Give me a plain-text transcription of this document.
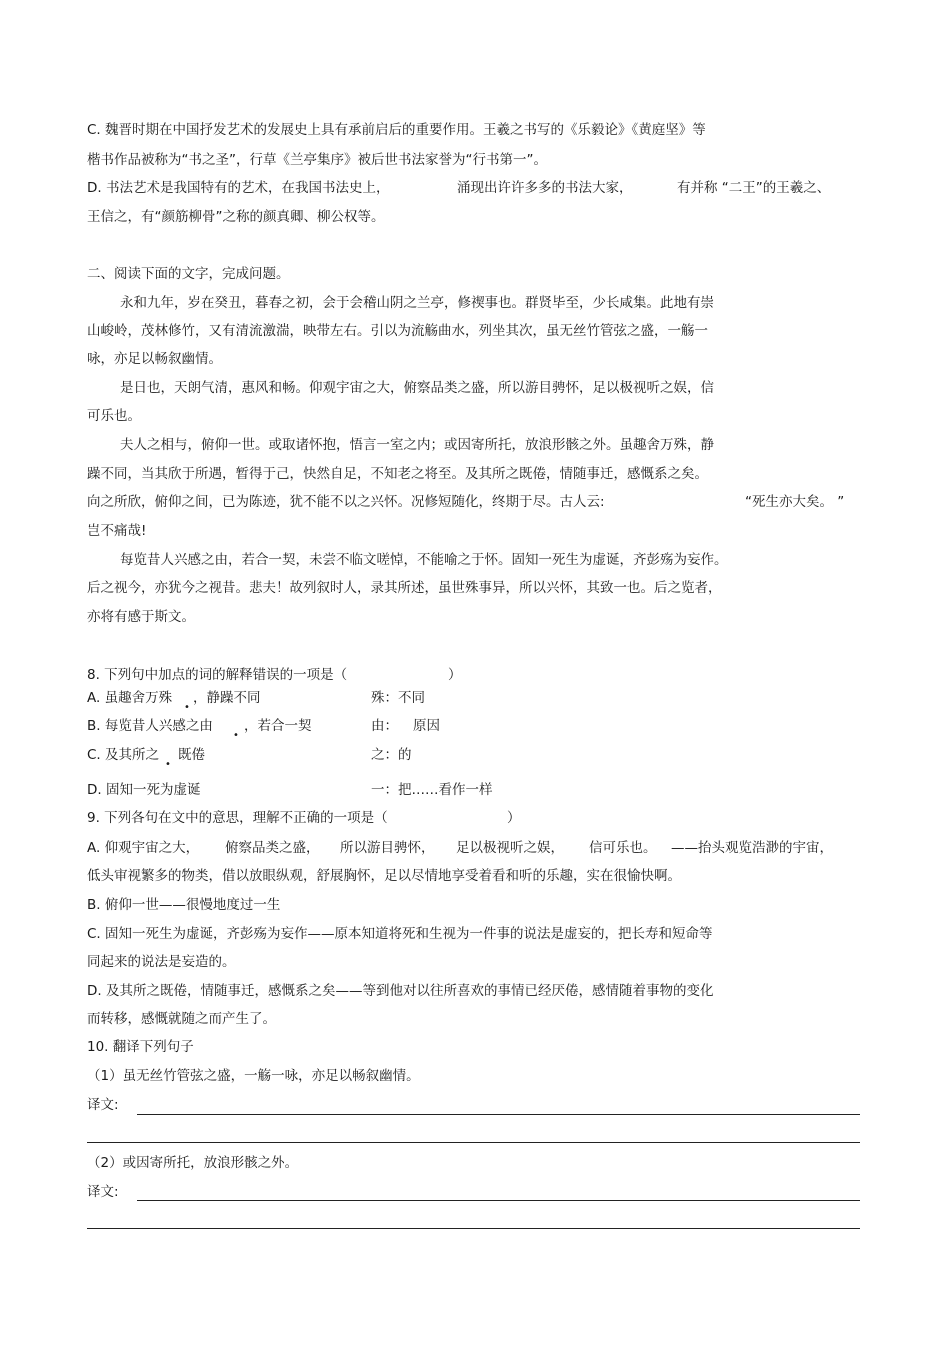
C. 魏晋时期在中国抒发艺术的发展史上具有承前启后的重要作用。王羲之书写的《乐毅论》《黄庭坚》等
楷书作品被称为“书之圣”，行草《兰亭集序》被后世书法家誉为“行书第一”。
D. 书法艺术是我国特有的艺术，在我国书法史上，	涌现出许许多多的书法大家，	有并称 “二王”的王羲之、
王信之，有“颜筋柳骨”之称的颜真卿、柳公权等。
二、阅读下面的文字，完成问题。
永和九年，岁在癸丑，暮春之初，会于会稽山阴之兰亭，修禊事也。群贤毕至，少长咸集。此地有崇
山峻岭，茂林修竹，又有清流激湍，映带左右。引以为流觞曲水，列坐其次，虽无丝竹管弦之盛，一觞一
咏，亦足以畅叙幽情。
是日也，天朗气清，惠风和畅。仰观宇宙之大，俯察品类之盛，所以游目骋怀，足以极视听之娱，信
可乐也。
夫人之相与，俯仰一世。或取诸怀抱，悟言一室之内；或因寄所托，放浪形骸之外。虽趣舍万殊，静
躁不同，当其欣于所遇，暂得于己，快然自足，不知老之将至。及其所之既倦，情随事迁，感慨系之矣。
向之所欣，俯仰之间，已为陈迹，犹不能不以之兴怀。况修短随化，终期于尽。古人云:	“死生亦大矣。 ”
岂不痛哉!
每览昔人兴感之由，若合一契，未尝不临文嗟悼，不能喻之于怀。固知一死生为虚诞，齐彭殇为妄作。
后之视今，亦犹今之视昔。悲夫！故列叙时人，录其所述，虽世殊事异，所以兴怀，其致一也。后之览者，
亦将有感于斯文。
8. 下列句中加点的词的解释错误的一项是（	）
A. 虽趣舍万殊
•
，静躁不同	殊：不同
B. 每览昔人兴感之由
•
，若合一契	由： 原因
C. 及其所之
•
既倦	之：的
D. 固知一死为虚诞	一：把……看作一样
9. 下列各句在文中的意思，理解不正确的一项是（	）
A. 仰观宇宙之大， 俯察品类之盛， 所以游目骋怀， 足以极视听之娱， 信可乐也。 ——抬头观览浩渺的宇宙，
低头审视繁多的物类，借以放眼纵观，舒展胸怀，足以尽情地享受着看和听的乐趣，实在很愉快啊。
B. 俯仰一世——很慢地度过一生
C. 固知一死生为虚诞，齐彭殇为妄作——原本知道将死和生视为一件事的说法是虚妄的，把长寿和短命等
同起来的说法是妄造的。
D. 及其所之既倦，情随事迁，感慨系之矣——等到他对以往所喜欢的事情已经厌倦，感情随着事物的变化
而转移，感慨就随之而产生了。
10. 翻译下列句子
（1）虽无丝竹管弦之盛，一觞一咏，亦足以畅叙幽情。
译文:
（2）或因寄所托，放浪形骸之外。
译文:
